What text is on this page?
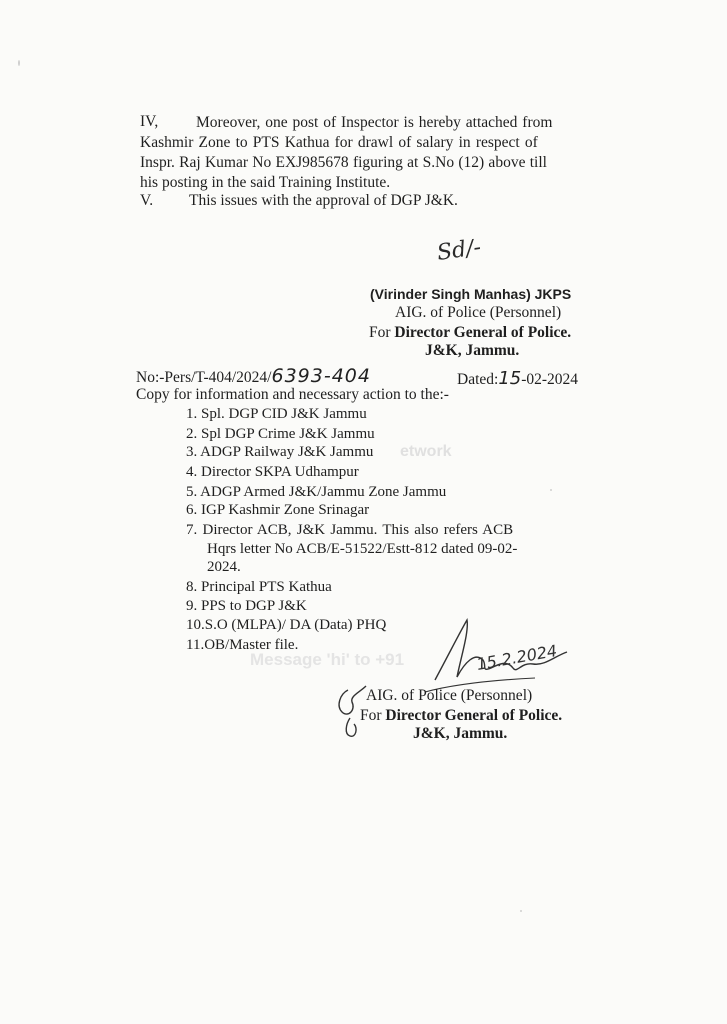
etwork
Message 'hi' to +91
IV, Moreover, one post of Inspector is hereby attached from
Kashmir Zone to PTS Kathua for drawl of salary in respect of
Inspr. Raj Kumar No EXJ985678 figuring at S.No (12) above till
his posting in the said Training Institute.
V. This issues with the approval of DGP J&K.
Sd/-
(Virinder Singh Manhas) JKPS
AIG. of Police (Personnel)
For Director General of Police.
J&K, Jammu.
No:-Pers/T-404/2024/6393-404	Dated:15-02-2024
Copy for information and necessary action to the:-
1. Spl. DGP CID J&K Jammu
2. Spl DGP Crime J&K Jammu
3. ADGP Railway J&K Jammu
4. Director SKPA Udhampur
5. ADGP Armed J&K/Jammu Zone Jammu
6. IGP Kashmir Zone Srinagar
7. Director ACB, J&K Jammu. This also refers ACB
Hqrs letter No ACB/E-51522/Estt-812 dated 09-02-
2024.
8. Principal PTS Kathua
9. PPS to DGP J&K
10.S.O (MLPA)/ DA (Data) PHQ
11.OB/Master file.	15.2.2024
AIG. of Police (Personnel)
For Director General of Police.
J&K, Jammu.
